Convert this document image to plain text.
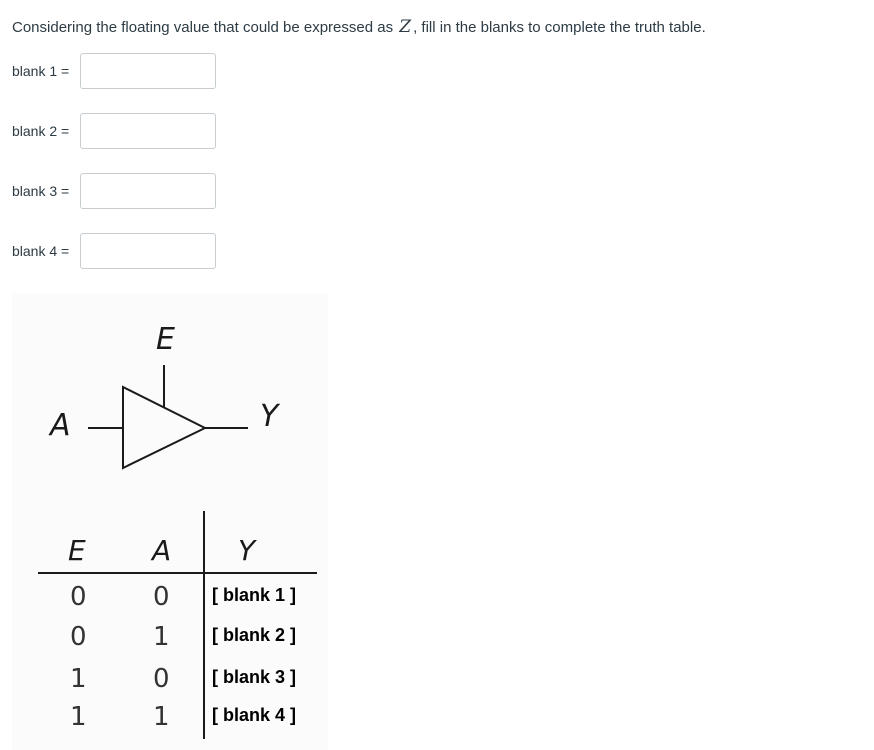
Considering the floating value that could be expressed as Z , fill in the blanks to complete the truth table.
blank 1 =
blank 2 =
blank 3 =
blank 4 =
E
A	Y
E A Y
0	0 [ blank 1 ]
0	1 [ blank 2 ]
1	0 [ blank 3 ]
1	1 [ blank 4 ]
